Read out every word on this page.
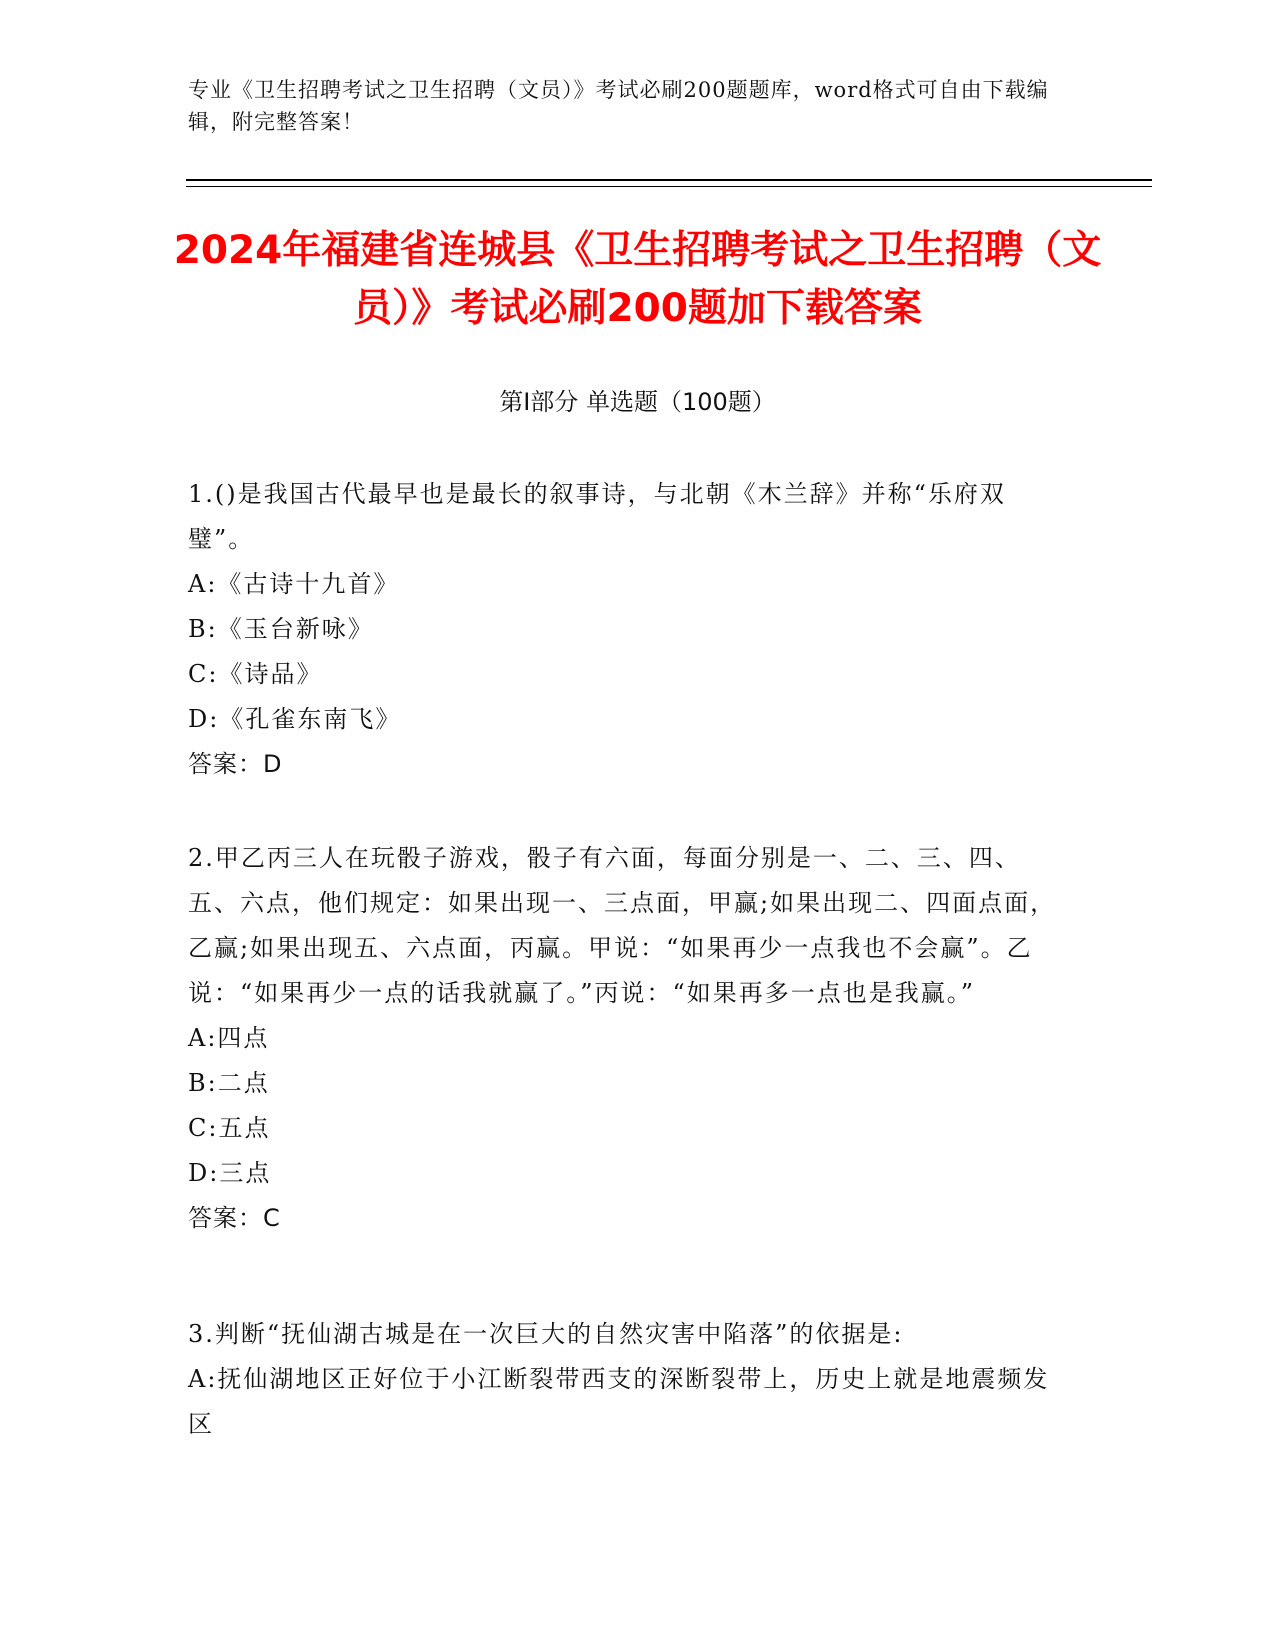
专业《卫生招聘考试之卫生招聘（文员）》考试必刷200题题库，word格式可自由下载编辑，附完整答案！
2024年福建省连城县《卫生招聘考试之卫生招聘（文员）》考试必刷200题加下载答案
第Ⅰ部分 单选题（100题）
1.()是我国古代最早也是最长的叙事诗，与北朝《木兰辞》并称“乐府双璧”。
A:《古诗十九首》
B:《玉台新咏》
C:《诗品》
D:《孔雀东南飞》
答案：D
2.甲乙丙三人在玩骰子游戏，骰子有六面，每面分别是一、二、三、四、五、六点，他们规定：如果出现一、三点面，甲赢;如果出现二、四面点面，乙赢;如果出现五、六点面，丙赢。甲说：“如果再少一点我也不会赢”。乙说：“如果再少一点的话我就赢了。”丙说：“如果再多一点也是我赢。”
A:四点
B:二点
C:五点
D:三点
答案：C
3.判断“抚仙湖古城是在一次巨大的自然灾害中陷落”的依据是:
A:抚仙湖地区正好位于小江断裂带西支的深断裂带上，历史上就是地震频发区
